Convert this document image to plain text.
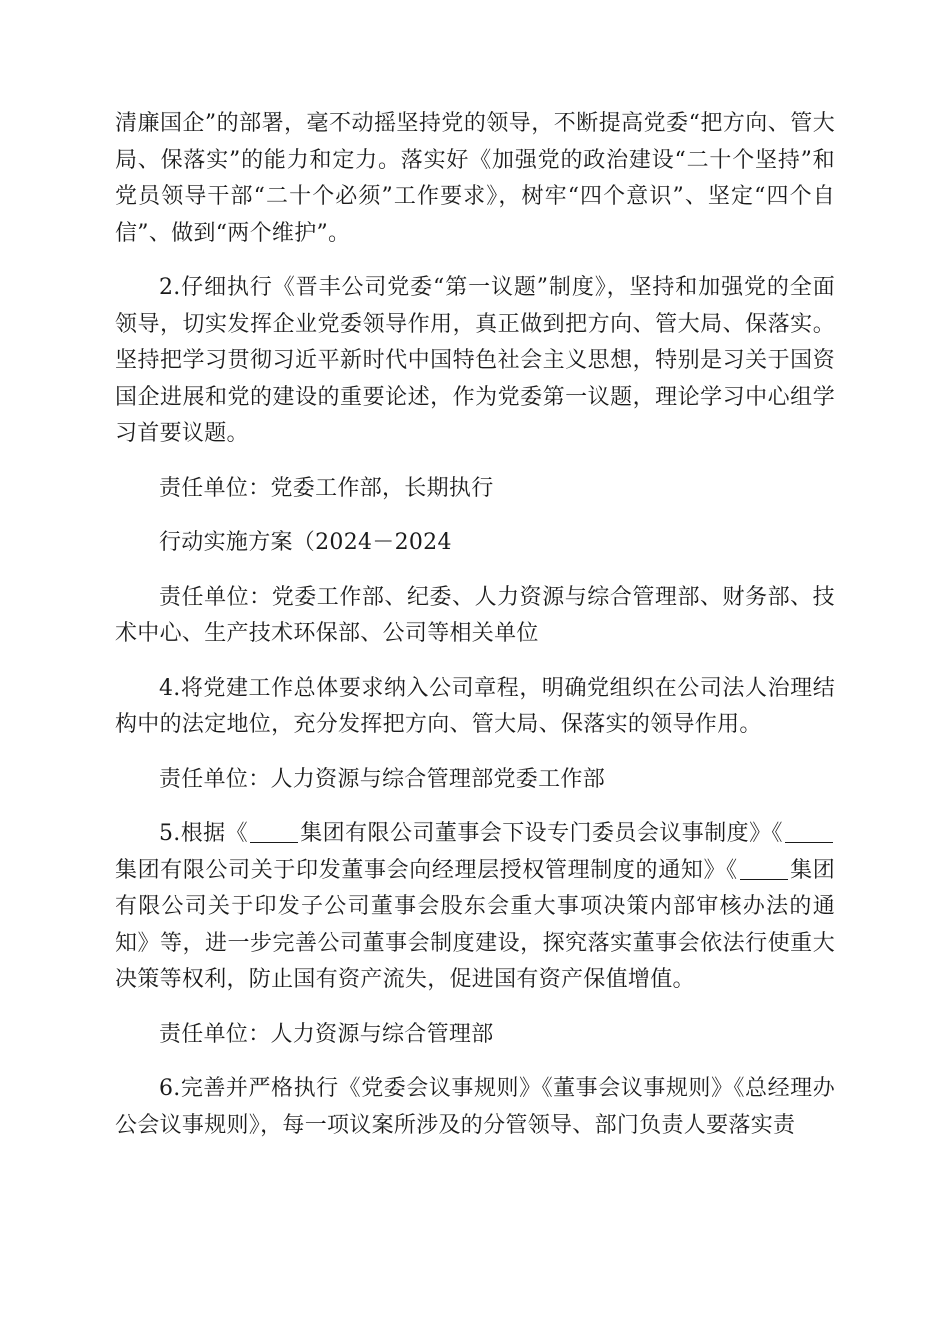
清廉国企”的部署，毫不动摇坚持党的领导，不断提高党委“把方向、管大局、保落实”的能力和定力。落实好《加强党的政治建设“二十个坚持”和党员领导干部“二十个必须”工作要求》，树牢“四个意识”、坚定“四个自信”、做到“两个维护”。

2.仔细执行《晋丰公司党委“第一议题”制度》，坚持和加强党的全面领导，切实发挥企业党委领导作用，真正做到把方向、管大局、保落实。坚持把学习贯彻习近平新时代中国特色社会主义思想，特别是习关于国资国企进展和党的建设的重要论述，作为党委第一议题，理论学习中心组学习首要议题。

责任单位：党委工作部，长期执行

行动实施方案（2024－2024

责任单位：党委工作部、纪委、人力资源与综合管理部、财务部、技术中心、生产技术环保部、公司等相关单位

4.将党建工作总体要求纳入公司章程，明确党组织在公司法人治理结构中的法定地位，充分发挥把方向、管大局、保落实的领导作用。

责任单位：人力资源与综合管理部党委工作部

5.根据《 集团有限公司董事会下设专门委员会议事制度》《集团有限公司关于印发董事会向经理层授权管理制度的通知》《 集团有限公司关于印发子公司董事会股东会重大事项决策内部审核办法的通知》等，进一步完善公司董事会制度建设，探究落实董事会依法行使重大决策等权利，防止国有资产流失，促进国有资产保值增值。

责任单位：人力资源与综合管理部

6.完善并严格执行《党委会议事规则》《董事会议事规则》《总经理办公会议事规则》，每一项议案所涉及的分管领导、部门负责人要落实责
